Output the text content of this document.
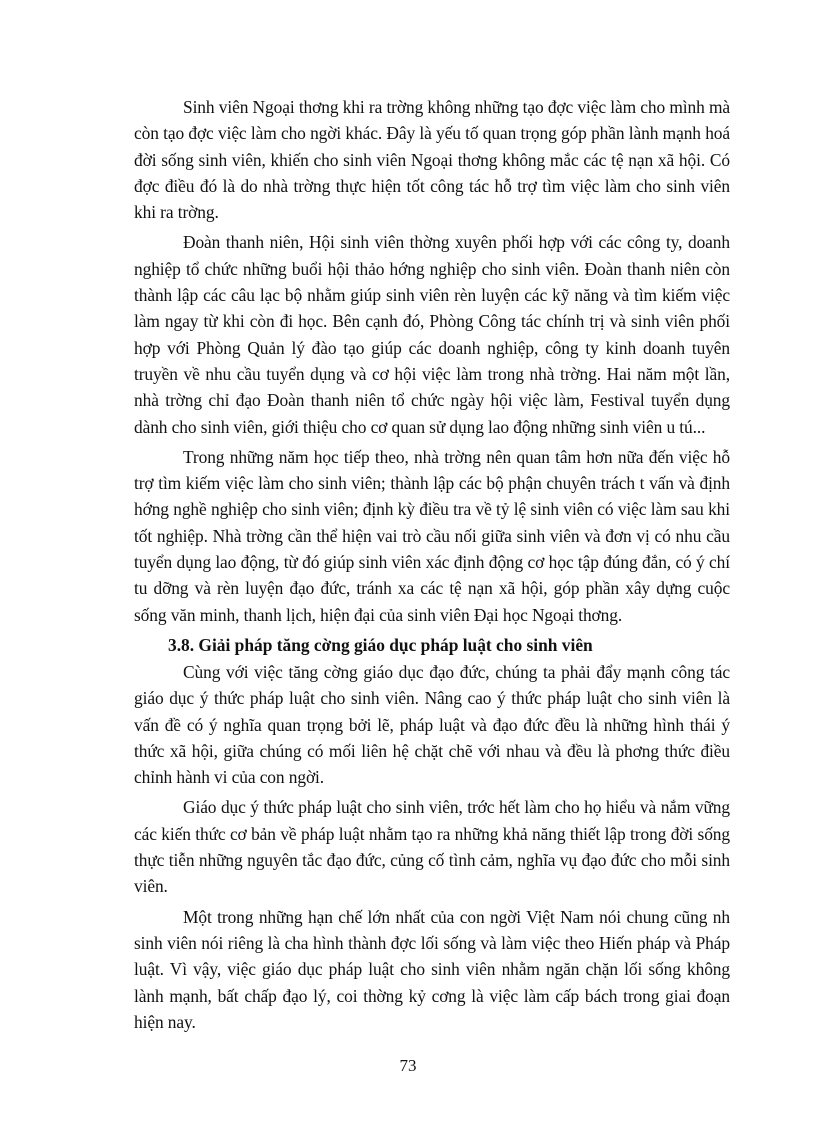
Sinh viên Ngoại thơng khi ra trờng không những tạo đợc việc làm cho mình mà còn tạo đợc việc làm cho ngời khác. Đây là yếu tố quan trọng góp phần lành mạnh hoá đời sống sinh viên, khiến cho sinh viên Ngoại thơng không mắc các tệ nạn xã hội. Có đợc điều đó là do nhà trờng thực hiện tốt công tác hỗ trợ tìm việc làm cho sinh viên khi ra trờng.

Đoàn thanh niên, Hội sinh viên thờng xuyên phối hợp với các công ty, doanh nghiệp tổ chức những buổi hội thảo hớng nghiệp cho sinh viên. Đoàn thanh niên còn thành lập các câu lạc bộ nhằm giúp sinh viên rèn luyện các kỹ năng và tìm kiếm việc làm ngay từ khi còn đi học. Bên cạnh đó, Phòng Công tác chính trị và sinh viên phối hợp với Phòng Quản lý đào tạo giúp các doanh nghiệp, công ty kinh doanh tuyên truyền về nhu cầu tuyển dụng và cơ hội việc làm trong nhà trờng. Hai năm một lần, nhà trờng chỉ đạo Đoàn thanh niên tổ chức ngày hội việc làm, Festival tuyển dụng dành cho sinh viên, giới thiệu cho cơ quan sử dụng lao động những sinh viên u tú...

Trong những năm học tiếp theo, nhà trờng nên quan tâm hơn nữa đến việc hỗ trợ tìm kiếm việc làm cho sinh viên; thành lập các bộ phận chuyên trách t vấn và định hớng nghề nghiệp cho sinh viên; định kỳ điều tra về tỷ lệ sinh viên có việc làm sau khi tốt nghiệp. Nhà trờng cần thể hiện vai trò cầu nối giữa sinh viên và đơn vị có nhu cầu tuyển dụng lao động, từ đó giúp sinh viên xác định động cơ học tập đúng đắn, có ý chí tu dỡng và rèn luyện đạo đức, tránh xa các tệ nạn xã hội, góp phần xây dựng cuộc sống văn minh, thanh lịch, hiện đại của sinh viên Đại học Ngoại thơng.

3.8. Giải pháp tăng cờng giáo dục pháp luật cho sinh viên

Cùng với việc tăng cờng giáo dục đạo đức, chúng ta phải đẩy mạnh công tác giáo dục ý thức pháp luật cho sinh viên. Nâng cao ý thức pháp luật cho sinh viên là vấn đề có ý nghĩa quan trọng bởi lẽ, pháp luật và đạo đức đều là những hình thái ý thức xã hội, giữa chúng có mối liên hệ chặt chẽ với nhau và đều là phơng thức điều chỉnh hành vi của con ngời.

Giáo dục ý thức pháp luật cho sinh viên, trớc hết làm cho họ hiểu và nắm vững các kiến thức cơ bản về pháp luật nhằm tạo ra những khả năng thiết lập trong đời sống thực tiễn những nguyên tắc đạo đức, củng cố tình cảm, nghĩa vụ đạo đức cho mỗi sinh viên.

Một trong những hạn chế lớn nhất của con ngời Việt Nam nói chung cũng nh sinh viên nói riêng là cha hình thành đợc lối sống và làm việc theo Hiến pháp và Pháp luật. Vì vậy, việc giáo dục pháp luật cho sinh viên nhằm ngăn chặn lối sống không lành mạnh, bất chấp đạo lý, coi thờng kỷ cơng là việc làm cấp bách trong giai đoạn hiện nay.

73
